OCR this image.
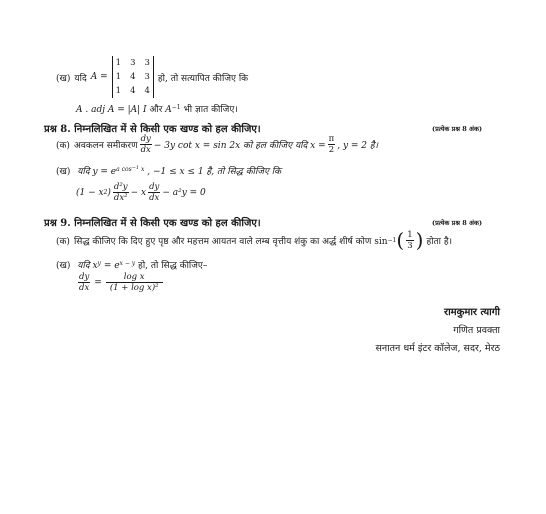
(ख) यदि A =
1 3 3
1 4 3
1 4 4
हो, तो सत्यापित कीजिए कि
A . adj A = |A| I और $A^{-1}$ भी ज्ञात कीजिए।
प्रश्न 8. निम्नलिखित में से किसी एक खण्ड को हल कीजिए।	(प्रत्येक प्रश्न 8 अंक)
(क) अवकलन समीकरण $\frac{dy}{dx} - 3y$ cot x = sin 2x को हल कीजिए यदि $x = \frac{\pi}{2}$ , y = 2 है।
(ख) यदि $y = e^{a cos^{-1} x}$ , −1 ≤ x ≤ 1 है, तो सिद्ध कीजिए कि
(1 − x 2 ) $\frac{\text{d²y}}{\text{dx²}} - x \frac{dy}{dx} - a^2y = 0$
प्रश्न 9. निम्नलिखित में से किसी एक खण्ड को हल कीजिए।	(प्रत्येक प्रश्न 8 अंक)
(क) सिद्ध कीजिए कि दिए हुए पृष्ठ और महत्तम आयतन वाले लम्ब वृत्तीय शंकु का अर्द्ध शीर्ष कोण sin −1 ( $\frac{1}{3}$ ) होता है।
(ख) यदि $x^y = e^{x - y}$ हो, तो सिद्ध कीजिए–
$\frac{dy}{dx} = \frac{\text{log x}}{\text{(1 + log x)²}}$
रामकुमार त्यागी
गणित प्रवक्ता
सनातन धर्म इंटर कॉलेज, सदर, मेरठ
